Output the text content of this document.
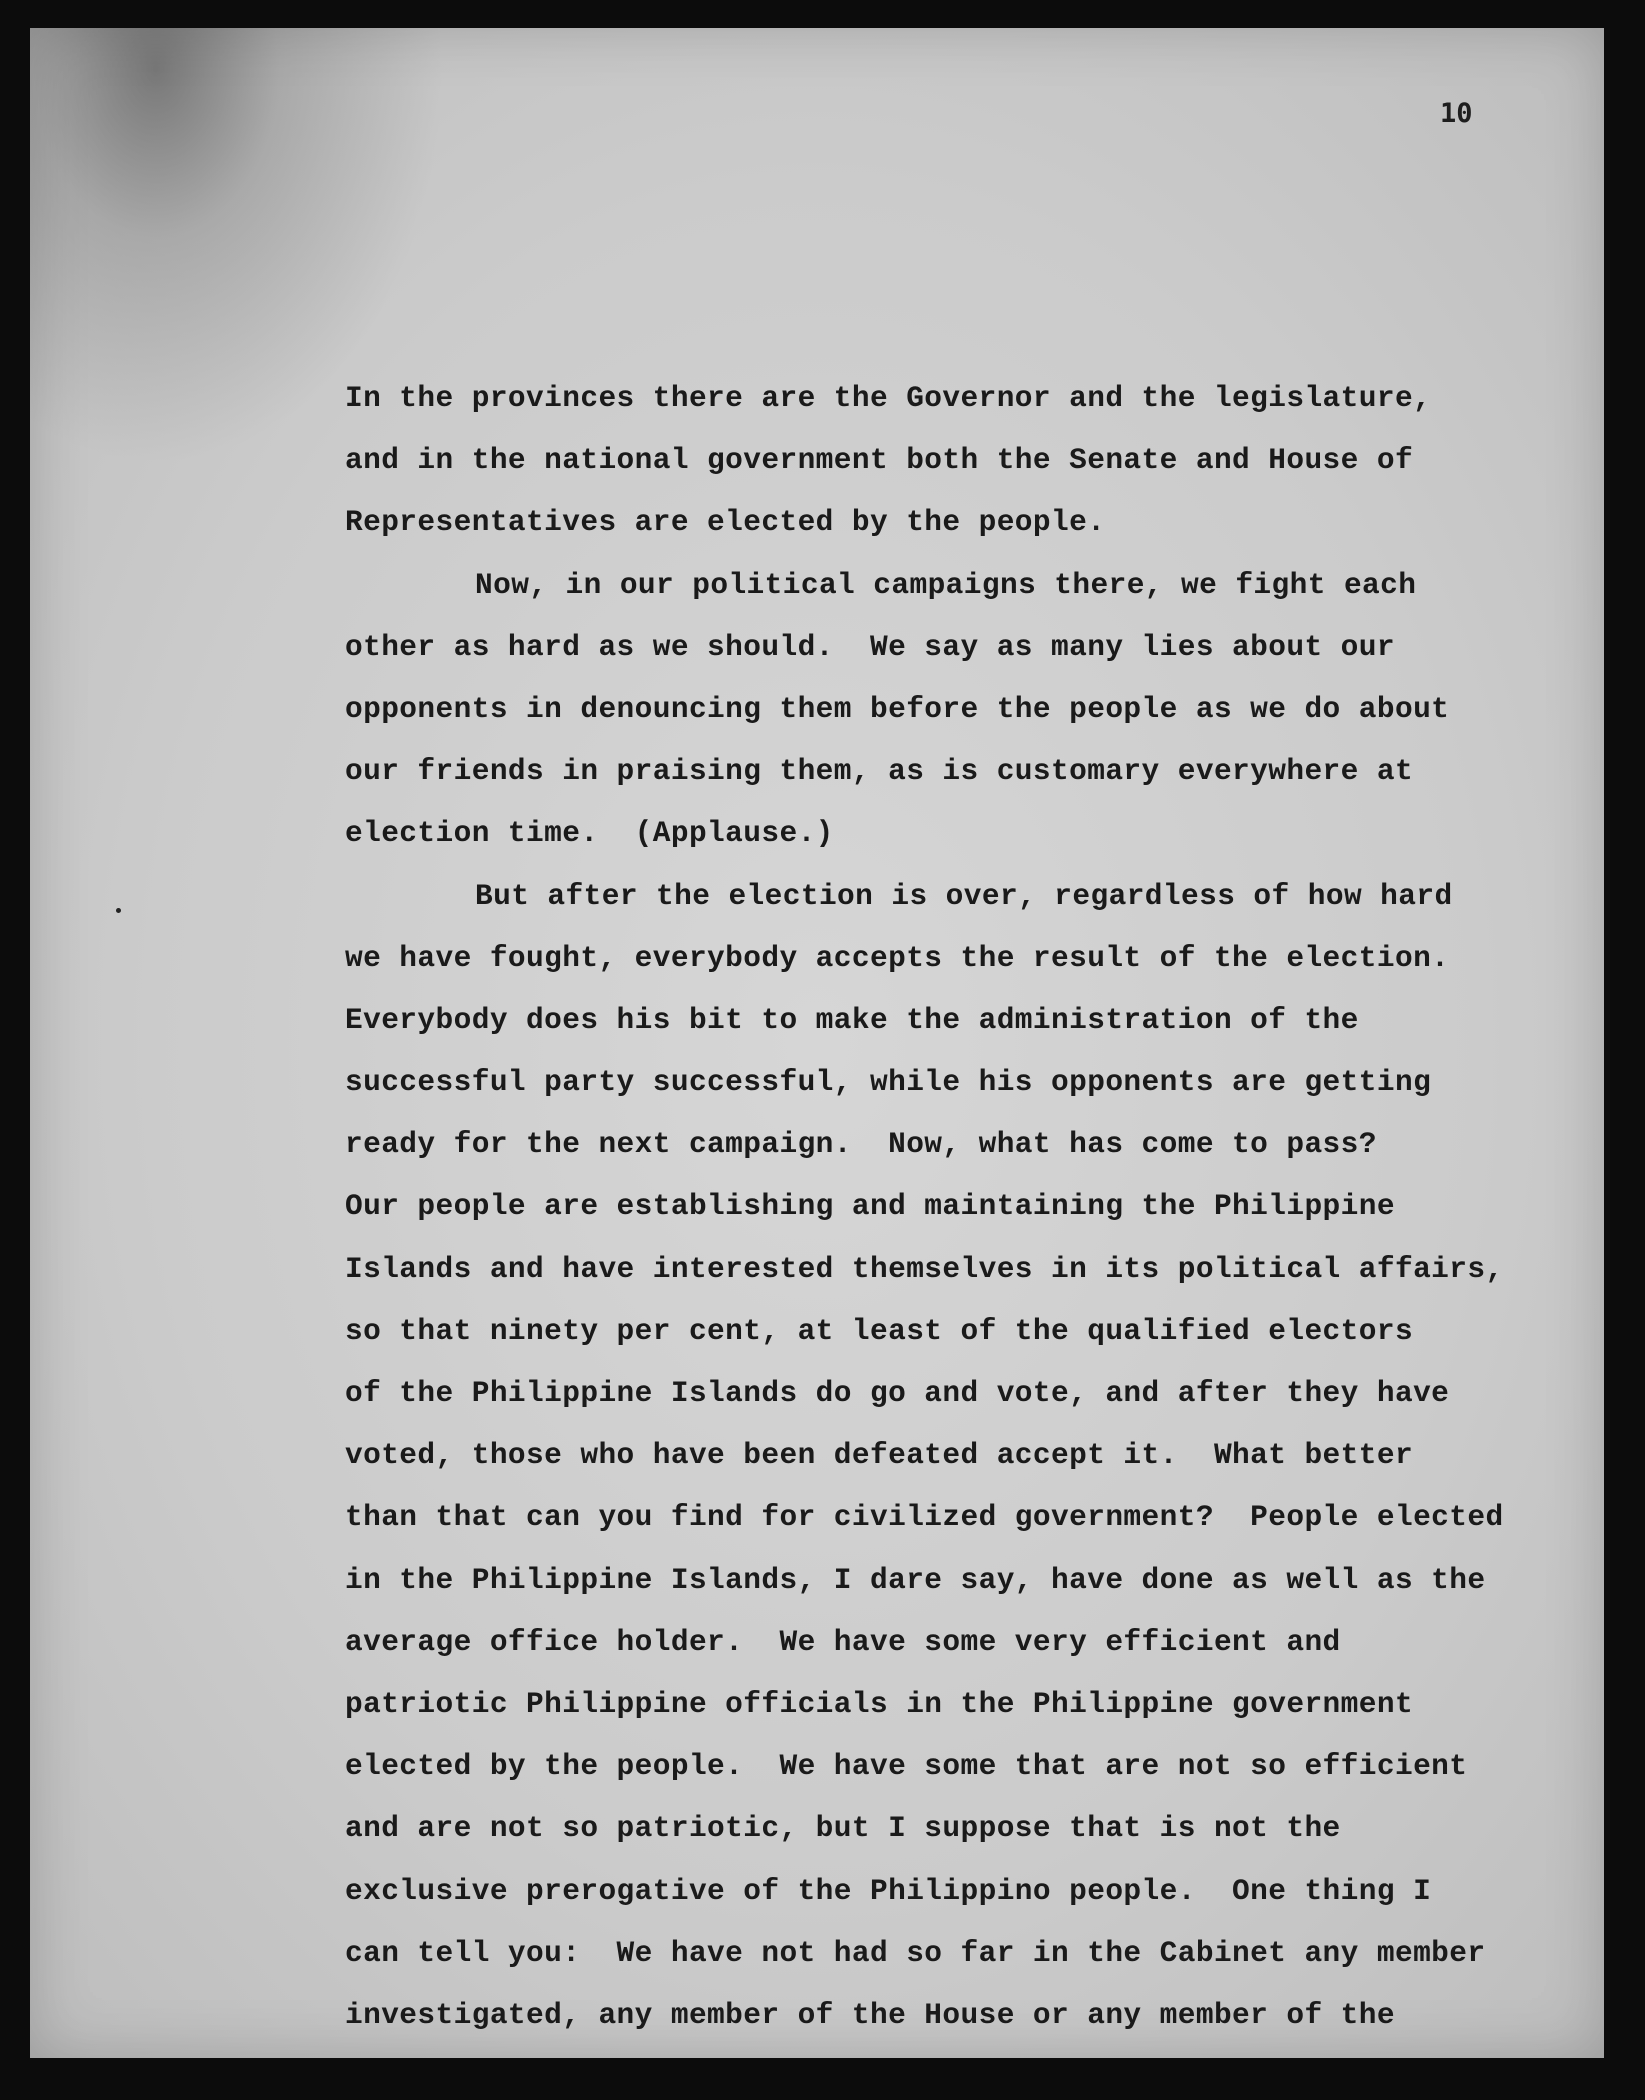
10
In the provinces there are the Governor and the legislature,
and in the national government both the Senate and House of
Representatives are elected by the people.
Now, in our political campaigns there, we fight each
other as hard as we should.  We say as many lies about our
opponents in denouncing them before the people as we do about
our friends in praising them, as is customary everywhere at
election time.  (Applause.)
But after the election is over, regardless of how hard
we have fought, everybody accepts the result of the election.
Everybody does his bit to make the administration of the
successful party successful, while his opponents are getting
ready for the next campaign.  Now, what has come to pass?
Our people are establishing and maintaining the Philippine
Islands and have interested themselves in its political affairs,
so that ninety per cent, at least of the qualified electors
of the Philippine Islands do go and vote, and after they have
voted, those who have been defeated accept it.  What better
than that can you find for civilized government?  People elected
in the Philippine Islands, I dare say, have done as well as the
average office holder.  We have some very efficient and
patriotic Philippine officials in the Philippine government
elected by the people.  We have some that are not so efficient
and are not so patriotic, but I suppose that is not the
exclusive prerogative of the Philippino people.  One thing I
can tell you:  We have not had so far in the Cabinet any member
investigated, any member of the House or any member of the
